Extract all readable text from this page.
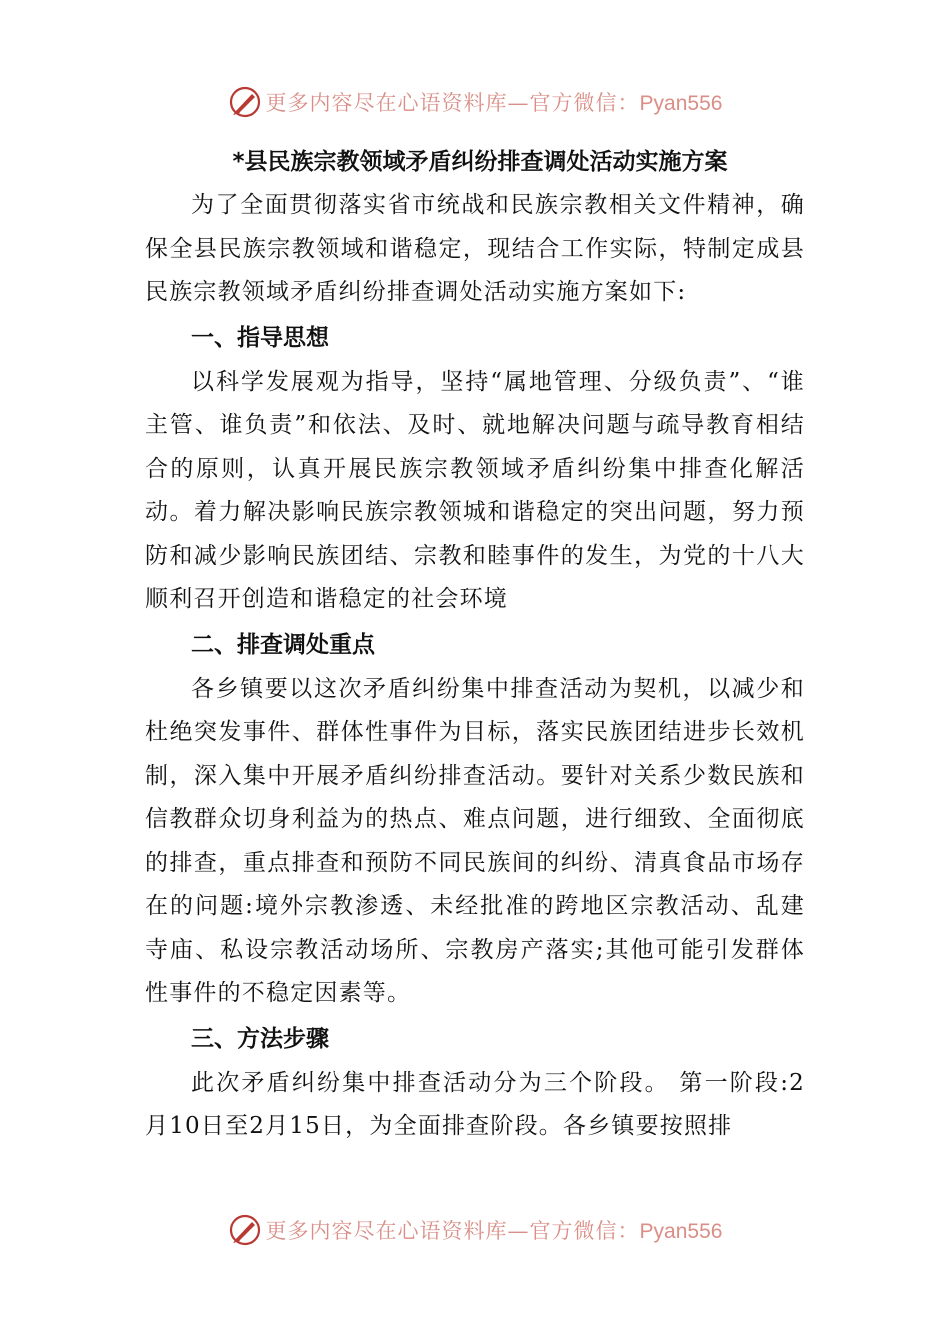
更多内容尽在心语资料库—官方微信：Pyan556

*县民族宗教领域矛盾纠纷排查调处活动实施方案

为了全面贯彻落实省市统战和民族宗教相关文件精神，确保全县民族宗教领域和谐稳定，现结合工作实际，特制定成县民族宗教领域矛盾纠纷排查调处活动实施方案如下:

一、指导思想

以科学发展观为指导，坚持“属地管理、分级负责”、“谁主管、谁负责”和依法、及时、就地解决问题与疏导教育相结合的原则，认真开展民族宗教领域矛盾纠纷集中排查化解活动。着力解决影响民族宗教领城和谐稳定的突出问题，努力预防和减少影响民族团结、宗教和睦事件的发生，为党的十八大顺利召开创造和谐稳定的社会环境

二、排查调处重点

各乡镇要以这次矛盾纠纷集中排查活动为契机，以减少和杜绝突发事件、群体性事件为目标，落实民族团结进步长效机制，深入集中开展矛盾纠纷排查活动。要针对关系少数民族和信教群众切身利益为的热点、难点问题，进行细致、全面彻底的排查，重点排查和预防不同民族间的纠纷、清真食品市场存在的问题:境外宗教渗透、未经批准的跨地区宗教活动、乱建寺庙、私设宗教活动场所、宗教房产落实;其他可能引发群体性事件的不稳定因素等。

三、方法步骤

此次矛盾纠纷集中排查活动分为三个阶段。 第一阶段:2月10日至2月15日，为全面排查阶段。各乡镇要按照排

更多内容尽在心语资料库—官方微信：Pyan556
